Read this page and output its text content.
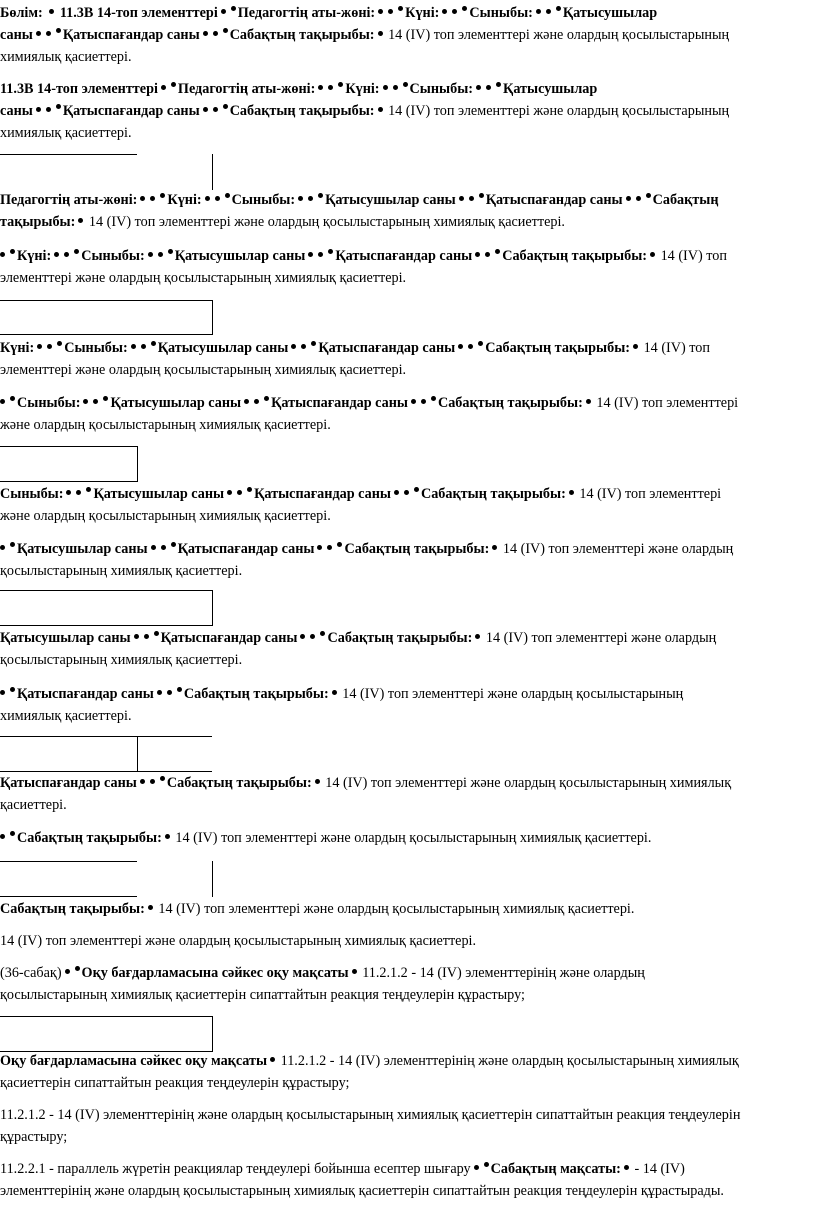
Бөлім: 11.3В 14-топ элементтері Педагогтің аты-жөні: Күні: Сыныбы: Қатысушылар
саны Қатыспағандар саны Сабақтың тақырыбы: 14 (IV) топ элементтері және олардың қосылыстарының
химиялық қасиеттері.

11.3В 14-топ элементтері Педагогтің аты-жөні: Күні: Сыныбы: Қатысушылар
саны Қатыспағандар саны Сабақтың тақырыбы: 14 (IV) топ элементтері және олардың қосылыстарының
химиялық қасиеттері.

Педагогтің аты-жөні: Күні: Сыныбы: Қатысушылар саны Қатыспағандар саны Сабақтың
тақырыбы: 14 (IV) топ элементтері және олардың қосылыстарының химиялық қасиеттері.

Күні: Сыныбы: Қатысушылар саны Қатыспағандар саны Сабақтың тақырыбы: 14 (IV) топ
элементтері және олардың қосылыстарының химиялық қасиеттері.

Күні: Сыныбы: Қатысушылар саны Қатыспағандар саны Сабақтың тақырыбы: 14 (IV) топ
элементтері және олардың қосылыстарының химиялық қасиеттері.

Сыныбы: Қатысушылар саны Қатыспағандар саны Сабақтың тақырыбы: 14 (IV) топ элементтері
және олардың қосылыстарының химиялық қасиеттері.

Сыныбы: Қатысушылар саны Қатыспағандар саны Сабақтың тақырыбы: 14 (IV) топ элементтері
және олардың қосылыстарының химиялық қасиеттері.

Қатысушылар саны Қатыспағандар саны Сабақтың тақырыбы: 14 (IV) топ элементтері және олардың
қосылыстарының химиялық қасиеттері.

Қатысушылар саны Қатыспағандар саны Сабақтың тақырыбы: 14 (IV) топ элементтері және олардың
қосылыстарының химиялық қасиеттері.

Қатыспағандар саны Сабақтың тақырыбы: 14 (IV) топ элементтері және олардың қосылыстарының
химиялық қасиеттері.

Қатыспағандар саны Сабақтың тақырыбы: 14 (IV) топ элементтері және олардың қосылыстарының химиялық
қасиеттері.

Сабақтың тақырыбы: 14 (IV) топ элементтері және олардың қосылыстарының химиялық қасиеттері.

Сабақтың тақырыбы: 14 (IV) топ элементтері және олардың қосылыстарының химиялық қасиеттері.

14 (IV) топ элементтері және олардың қосылыстарының химиялық қасиеттері.

(36-сабақ) Оқу бағдарламасына сәйкес оқу мақсаты 11.2.1.2 - 14 (IV) элементтерінің және олардың
қосылыстарының химиялық қасиеттерін сипаттайтын реакция теңдеулерін құрастыру;

Оқу бағдарламасына сәйкес оқу мақсаты 11.2.1.2 - 14 (IV) элементтерінің және олардың қосылыстарының химиялық
қасиеттерін сипаттайтын реакция теңдеулерін құрастыру;

11.2.1.2 - 14 (IV) элементтерінің және олардың қосылыстарының химиялық қасиеттерін сипаттайтын реакция теңдеулерін
құрастыру;

11.2.2.1 - параллель жүретін реакциялар теңдеулері бойынша есептер шығару Сабақтың мақсаты: - 14 (IV)
элементтерінің және олардың қосылыстарының химиялық қасиеттерін сипаттайтын реакция теңдеулерін құрастырады.
